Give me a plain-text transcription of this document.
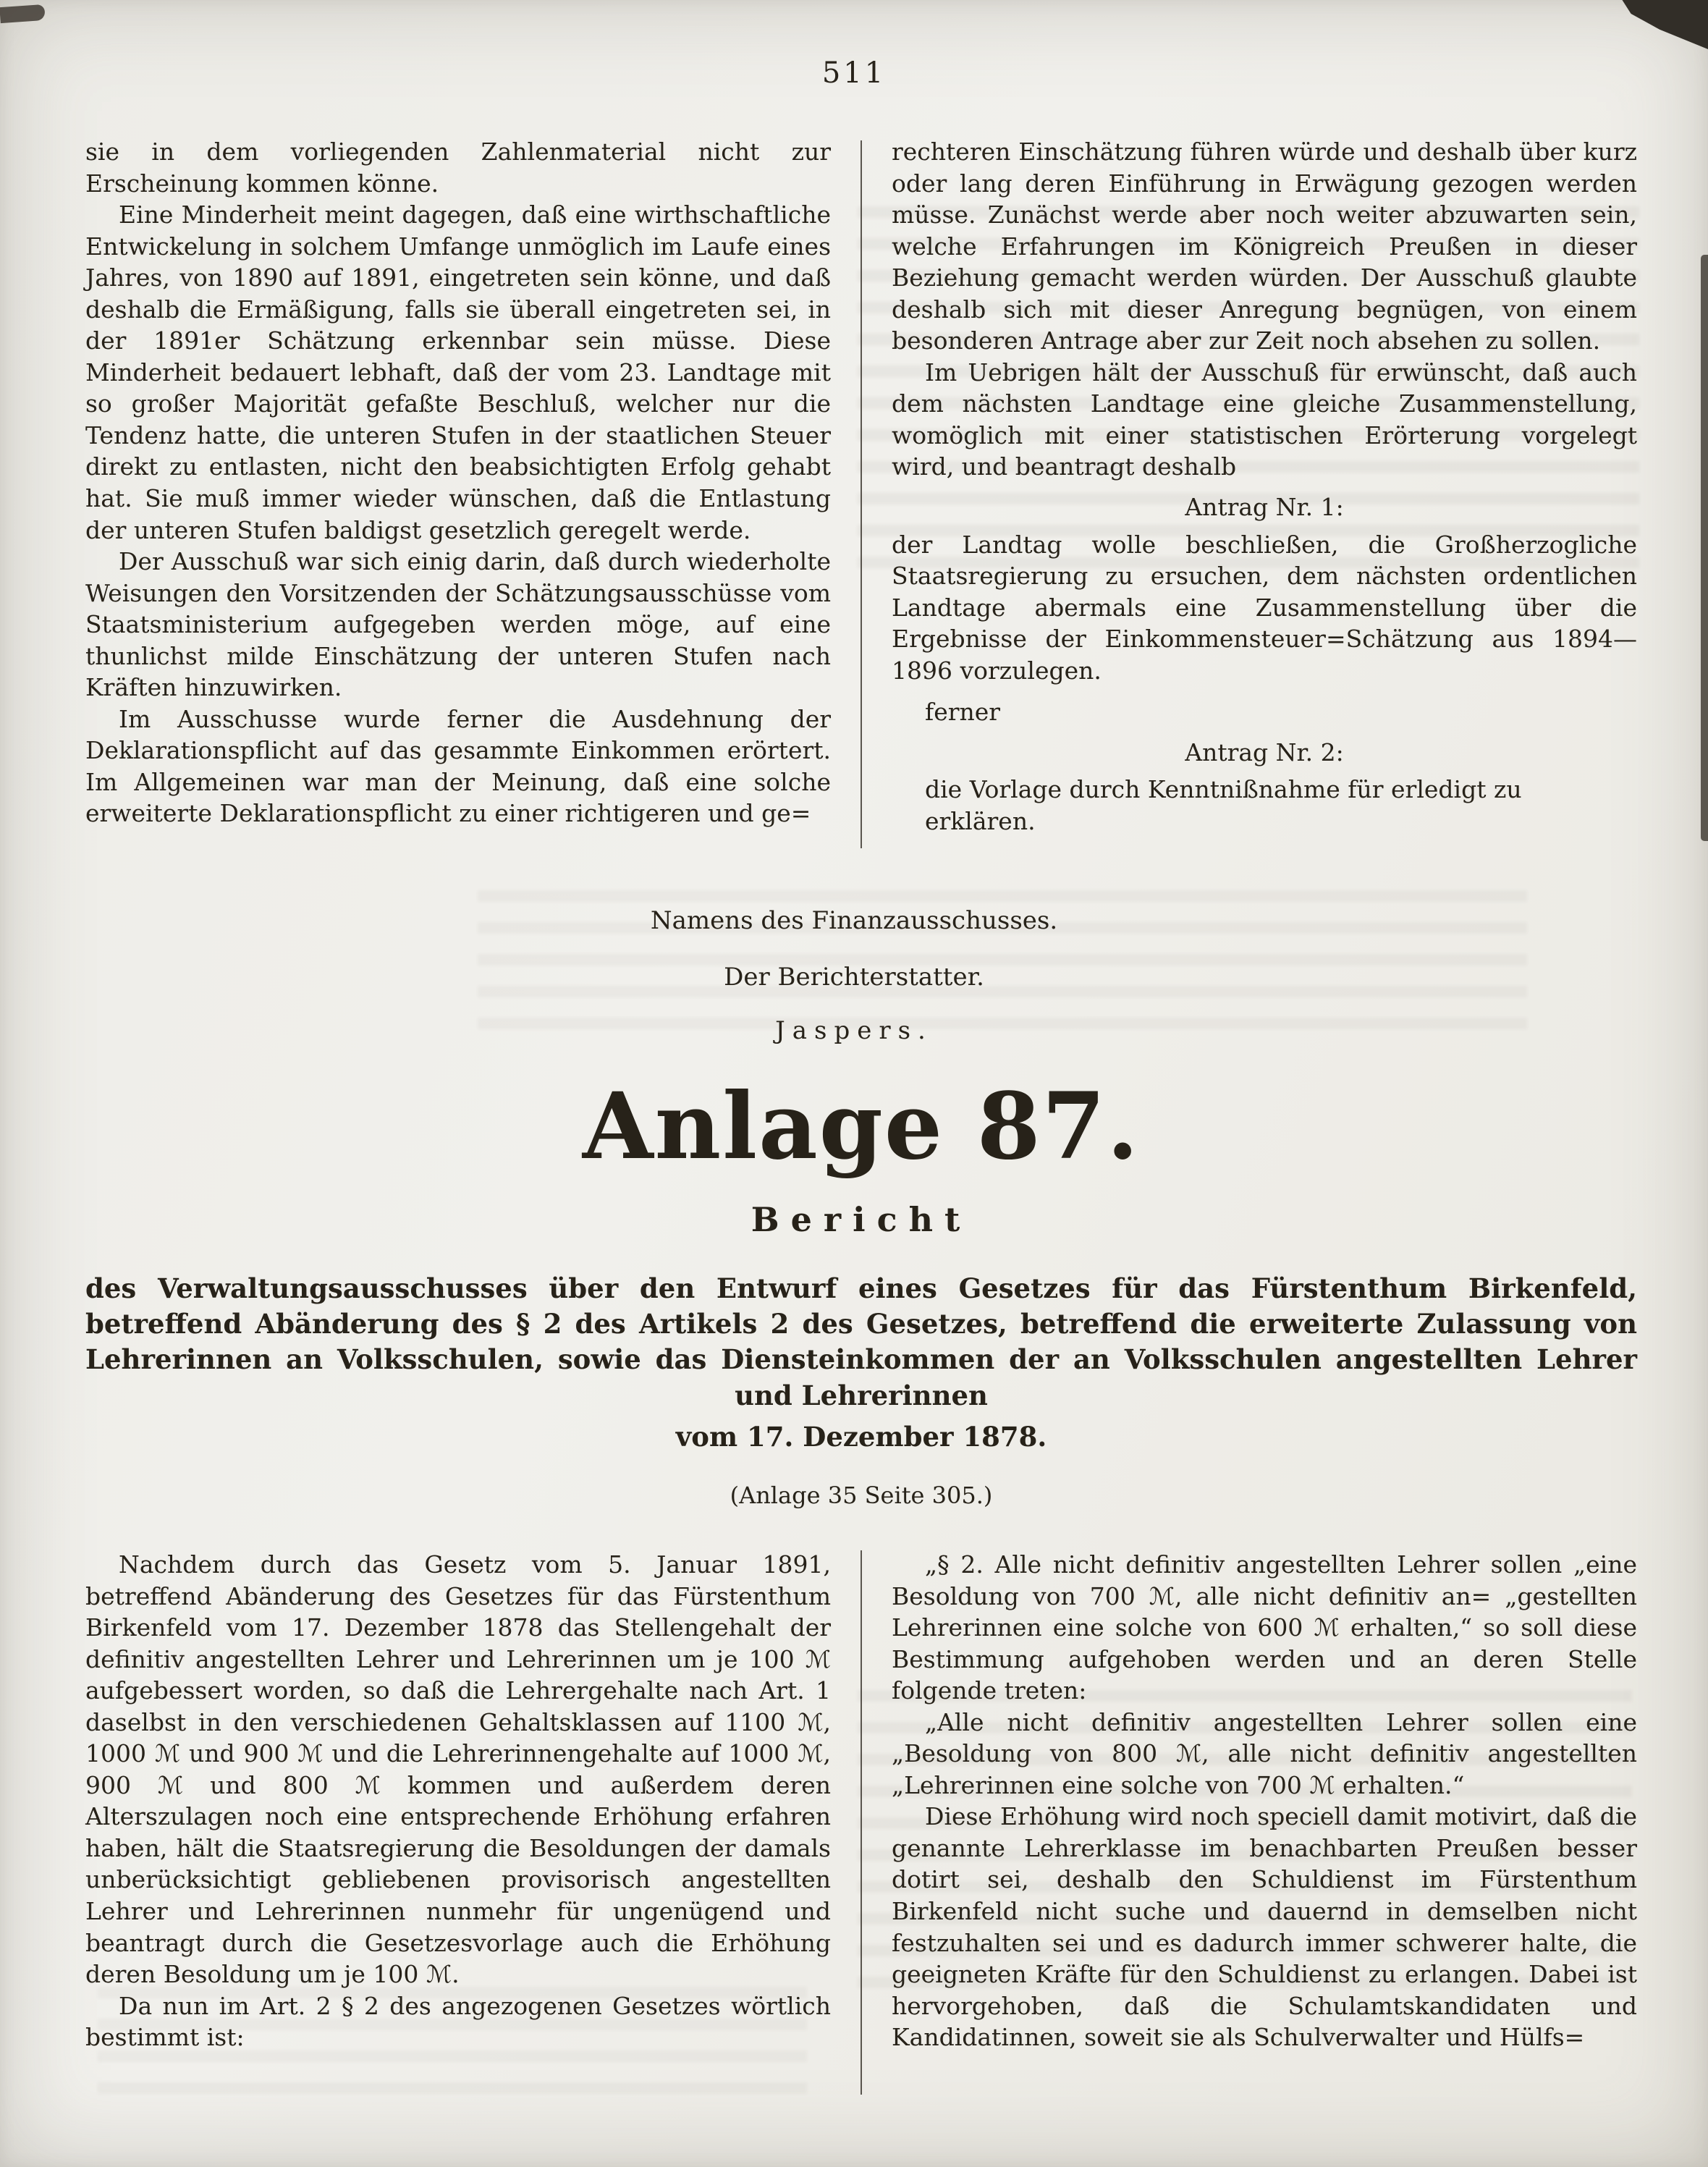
511

sie in dem vorliegenden Zahlenmaterial nicht zur Erscheinung kommen könne.

Eine Minderheit meint dagegen, daß eine wirthschaftliche Entwickelung in solchem Umfange unmöglich im Laufe eines Jahres, von 1890 auf 1891, eingetreten sein könne, und daß deshalb die Ermäßigung, falls sie überall eingetreten sei, in der 1891er Schätzung erkennbar sein müsse. Diese Minderheit bedauert lebhaft, daß der vom 23. Landtage mit so großer Majorität gefaßte Beschluß, welcher nur die Tendenz hatte, die unteren Stufen in der staatlichen Steuer direkt zu entlasten, nicht den beabsichtigten Erfolg gehabt hat. Sie muß immer wieder wünschen, daß die Entlastung der unteren Stufen baldigst gesetzlich geregelt werde.

Der Ausschuß war sich einig darin, daß durch wiederholte Weisungen den Vorsitzenden der Schätzungsausschüsse vom Staatsministerium aufgegeben werden möge, auf eine thunlichst milde Einschätzung der unteren Stufen nach Kräften hinzuwirken.

Im Ausschusse wurde ferner die Ausdehnung der Deklarationspflicht auf das gesammte Einkommen erörtert. Im Allgemeinen war man der Meinung, daß eine solche erweiterte Deklarationspflicht zu einer richtigeren und ge=

rechteren Einschätzung führen würde und deshalb über kurz oder lang deren Einführung in Erwägung gezogen werden müsse. Zunächst werde aber noch weiter abzuwarten sein, welche Erfahrungen im Königreich Preußen in dieser Beziehung gemacht werden würden. Der Ausschuß glaubte deshalb sich mit dieser Anregung begnügen, von einem besonderen Antrage aber zur Zeit noch absehen zu sollen.

Im Uebrigen hält der Ausschuß für erwünscht, daß auch dem nächsten Landtage eine gleiche Zusammenstellung, womöglich mit einer statistischen Erörterung vorgelegt wird, und beantragt deshalb

Antrag Nr. 1:

der Landtag wolle beschließen, die Großherzogliche Staatsregierung zu ersuchen, dem nächsten ordentlichen Landtage abermals eine Zusammenstellung über die Ergebnisse der Einkommensteuer=Schätzung aus 1894—1896 vorzulegen.

ferner

Antrag Nr. 2:

die Vorlage durch Kenntnißnahme für erledigt zu erklären.

Namens des Finanzausschusses.
Der Berichterstatter.
Jaspers.
Anlage 87.
Bericht

des Verwaltungsausschusses über den Entwurf eines Gesetzes für das Fürstenthum Birkenfeld, betreffend Abänderung des § 2 des Artikels 2 des Gesetzes, betreffend die erweiterte Zulassung von Lehrerinnen an Volksschulen, sowie das Diensteinkommen der an Volksschulen angestellten Lehrer und Lehrerinnen

vom 17. Dezember 1878.

(Anlage 35 Seite 305.)

Nachdem durch das Gesetz vom 5. Januar 1891, betreffend Abänderung des Gesetzes für das Fürstenthum Birkenfeld vom 17. Dezember 1878 das Stellengehalt der definitiv angestellten Lehrer und Lehrerinnen um je 100 ℳ aufgebessert worden, so daß die Lehrergehalte nach Art. 1 daselbst in den verschiedenen Gehaltsklassen auf 1100 ℳ, 1000 ℳ und 900 ℳ und die Lehrerinnengehalte auf 1000 ℳ, 900 ℳ und 800 ℳ kommen und außerdem deren Alterszulagen noch eine entsprechende Erhöhung erfahren haben, hält die Staatsregierung die Besoldungen der damals unberücksichtigt gebliebenen provisorisch angestellten Lehrer und Lehrerinnen nunmehr für ungenügend und beantragt durch die Gesetzesvorlage auch die Erhöhung deren Besoldung um je 100 ℳ.

Da nun im Art. 2 § 2 des angezogenen Gesetzes wörtlich bestimmt ist:

„§ 2. Alle nicht definitiv angestellten Lehrer sollen „eine Besoldung von 700 ℳ, alle nicht definitiv an= „gestellten Lehrerinnen eine solche von 600 ℳ erhalten,“ so soll diese Bestimmung aufgehoben werden und an deren Stelle folgende treten:

„Alle nicht definitiv angestellten Lehrer sollen eine „Besoldung von 800 ℳ, alle nicht definitiv angestellten „Lehrerinnen eine solche von 700 ℳ erhalten.“

Diese Erhöhung wird noch speciell damit motivirt, daß die genannte Lehrerklasse im benachbarten Preußen besser dotirt sei, deshalb den Schuldienst im Fürstenthum Birkenfeld nicht suche und dauernd in demselben nicht festzuhalten sei und es dadurch immer schwerer halte, die geeigneten Kräfte für den Schuldienst zu erlangen. Dabei ist hervorgehoben, daß die Schulamtskandidaten und Kandidatinnen, soweit sie als Schulverwalter und Hülfs=
